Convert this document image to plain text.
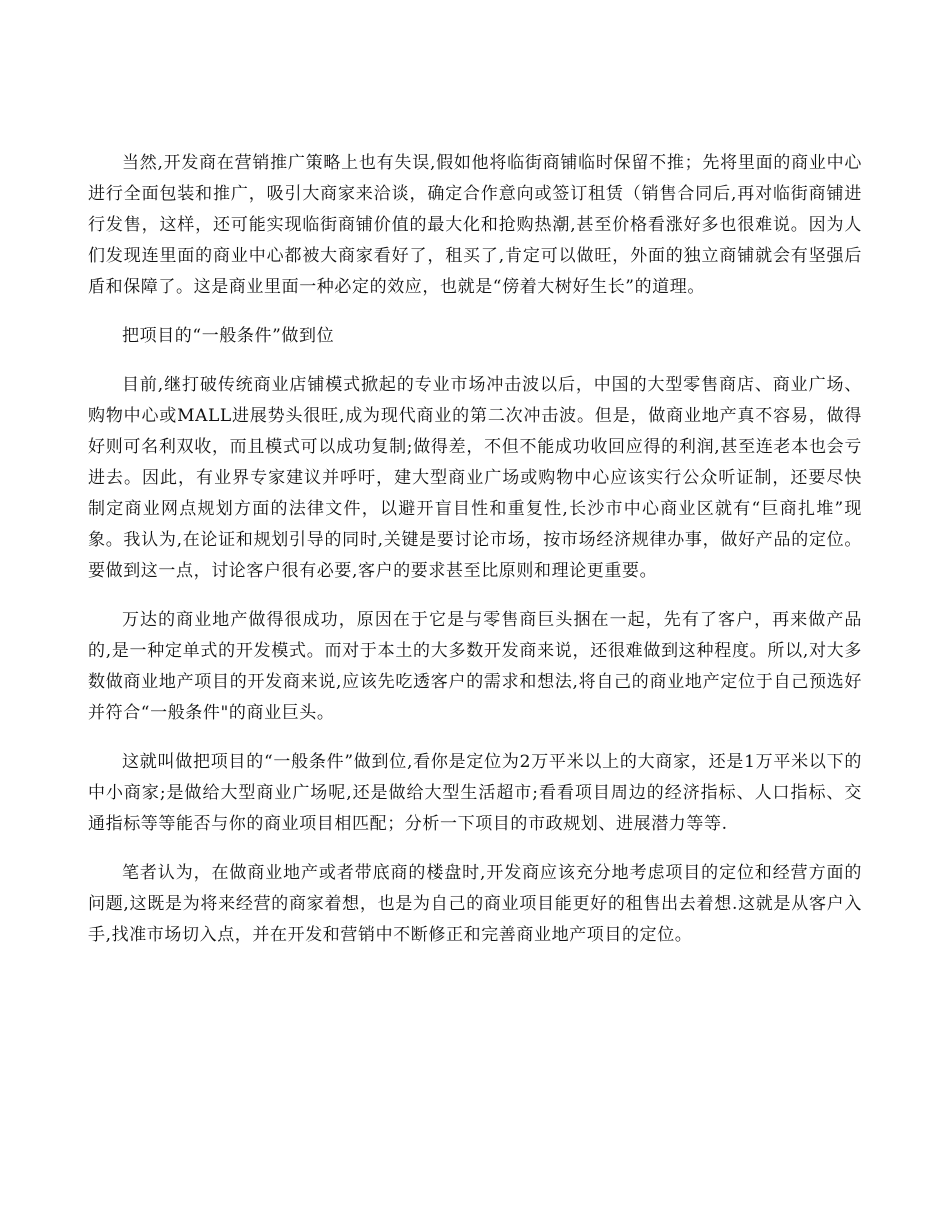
当然,开发商在营销推广策略上也有失误,假如他将临街商铺临时保留不推；先将里面的商业中心进行全面包装和推广，吸引大商家来洽谈，确定合作意向或签订租赁（销售合同后,再对临街商铺进行发售，这样，还可能实现临街商铺价值的最大化和抢购热潮,甚至价格看涨好多也很难说。因为人们发现连里面的商业中心都被大商家看好了，租买了,肯定可以做旺，外面的独立商铺就会有坚强后盾和保障了。这是商业里面一种必定的效应，也就是“傍着大树好生长”的道理。

把项目的“一般条件”做到位

目前,继打破传统商业店铺模式掀起的专业市场冲击波以后，中国的大型零售商店、商业广场、购物中心或MALL进展势头很旺,成为现代商业的第二次冲击波。但是，做商业地产真不容易，做得好则可名利双收，而且模式可以成功复制;做得差，不但不能成功收回应得的利润,甚至连老本也会亏进去。因此，有业界专家建议并呼吁，建大型商业广场或购物中心应该实行公众听证制，还要尽快制定商业网点规划方面的法律文件，以避开盲目性和重复性,长沙市中心商业区就有“巨商扎堆”现象。我认为,在论证和规划引导的同时,关键是要讨论市场，按市场经济规律办事，做好产品的定位。要做到这一点，讨论客户很有必要,客户的要求甚至比原则和理论更重要。

万达的商业地产做得很成功，原因在于它是与零售商巨头捆在一起，先有了客户，再来做产品的,是一种定单式的开发模式。而对于本土的大多数开发商来说，还很难做到这种程度。所以,对大多数做商业地产项目的开发商来说,应该先吃透客户的需求和想法,将自己的商业地产定位于自己预选好并符合“一般条件"的商业巨头。

这就叫做把项目的“一般条件”做到位,看你是定位为2万平米以上的大商家，还是1万平米以下的中小商家;是做给大型商业广场呢,还是做给大型生活超市;看看项目周边的经济指标、人口指标、交通指标等等能否与你的商业项目相匹配；分析一下项目的市政规划、进展潜力等等.

笔者认为，在做商业地产或者带底商的楼盘时,开发商应该充分地考虑项目的定位和经营方面的问题,这既是为将来经营的商家着想，也是为自己的商业项目能更好的租售出去着想.这就是从客户入手,找准市场切入点，并在开发和营销中不断修正和完善商业地产项目的定位。
